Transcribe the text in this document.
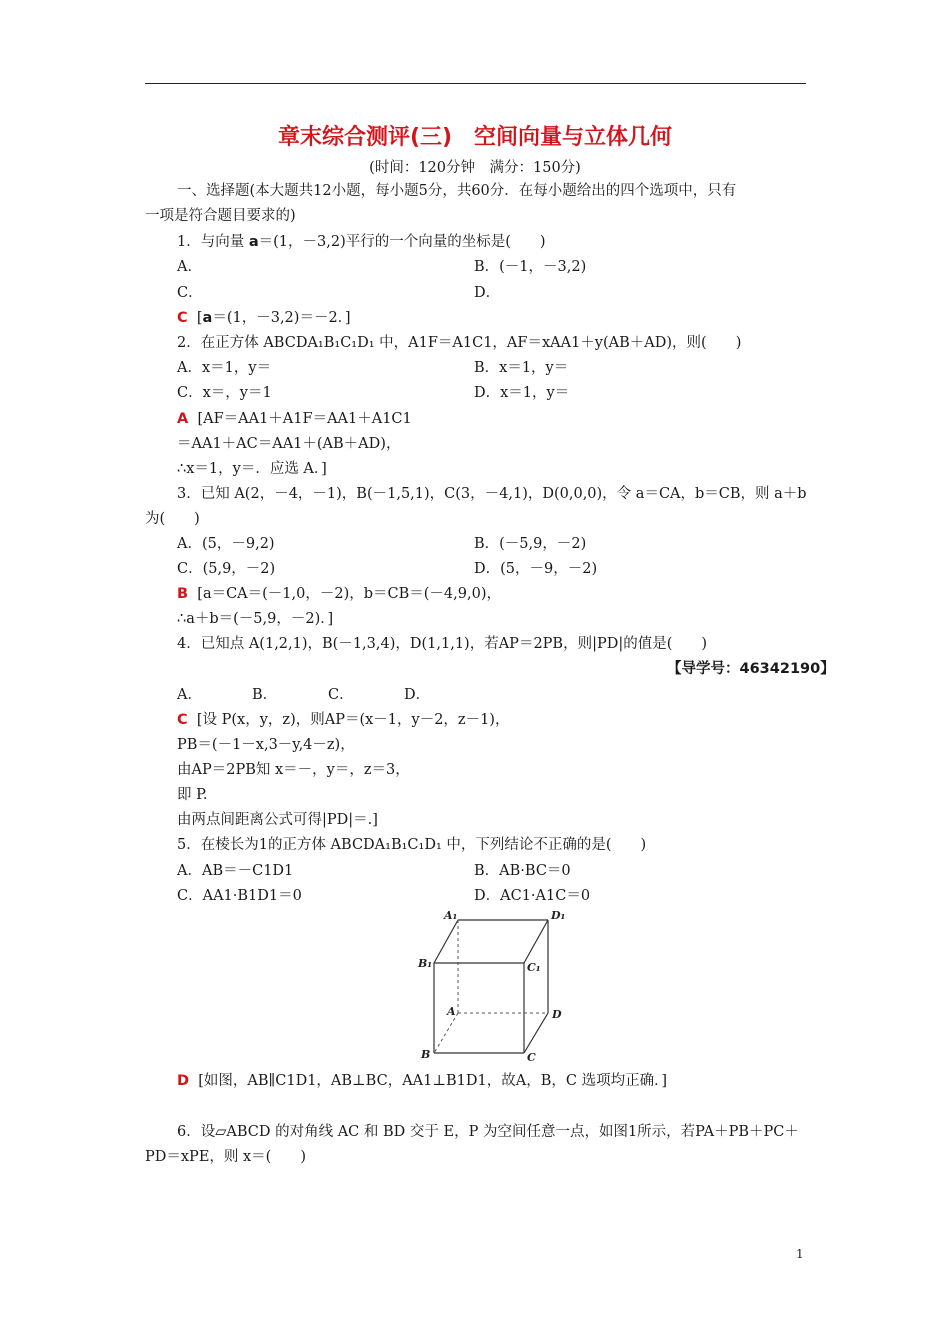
章末综合测评(三)　空间向量与立体几何
(时间：120分钟　满分：150分)
一、选择题(本大题共12小题，每小题5分，共60分．在每小题给出的四个选项中，只有
一项是符合题目要求的)
1．与向量 a＝(1，－3,2)平行的一个向量的坐标是(　　)
A．	B．(－1，－3,2)
C．	D．
C [a＝(1，－3,2)＝－2．]
2．在正方体 ABCDA₁B₁C₁D₁ 中，A1F＝A1C1，AF＝xAA1＋y(AB＋AD)，则(　　)
A．x＝1，y＝	B．x＝1，y＝
C．x＝，y＝1	D．x＝1，y＝
A [AF＝AA1＋A1F＝AA1＋A1C1
＝AA1＋AC＝AA1＋(AB＋AD)，
∴x＝1，y＝．应选 A．]
3．已知 A(2，－4，－1)，B(－1,5,1)，C(3，－4,1)，D(0,0,0)，令 a＝CA，b＝CB，则 a＋b
为(　　)
A．(5，－9,2)	B．(－5,9，－2)
C．(5,9，－2)	D．(5，－9，－2)
B [a＝CA＝(－1,0，－2)，b＝CB＝(－4,9,0)，
∴a＋b＝(－5,9，－2)．]
4．已知点 A(1,2,1)，B(－1,3,4)，D(1,1,1)，若AP＝2PB，则|PD|的值是(　　)
【导学号：46342190】
A．	B．	C．	D．
C [设 P(x，y，z)，则AP＝(x－1，y－2，z－1)，
PB＝(－1－x,3－y,4－z)，
由AP＝2PB知 x＝－，y＝，z＝3，
即 P.
由两点间距离公式可得|PD|＝.]
5．在棱长为1的正方体 ABCDA₁B₁C₁D₁ 中，下列结论不正确的是(　　)
A．AB＝－C1D1	B．AB·BC＝0
C．AA1·B1D1＝0	D．AC1·A1C＝0
A₁	D₁
B₁	C₁
A	D
B	C
D [如图，AB∥C1D1，AB⊥BC，AA1⊥B1D1，故A，B，C 选项均正确．]
6．设▱ABCD 的对角线 AC 和 BD 交于 E，P 为空间任意一点，如图1所示，若PA＋PB＋PC＋
PD＝xPE，则 x＝(　　)
1
